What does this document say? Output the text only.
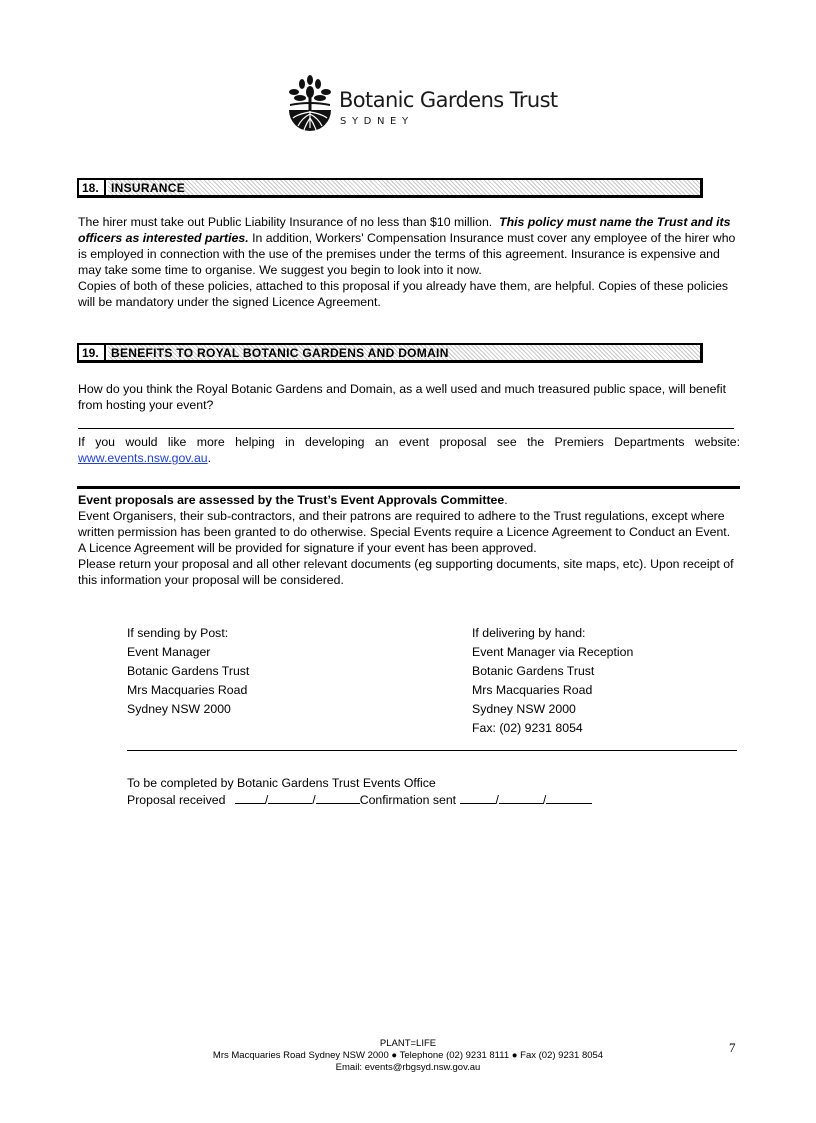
Botanic Gardens Trust
SYDNEY
18.	INSURANCE

The hirer must take out Public Liability Insurance of no less than $10 million. This policy must name the Trust and its officers as interested parties. In addition, Workers' Compensation Insurance must cover any employee of the hirer who is employed in connection with the use of the premises under the terms of this agreement. Insurance is expensive and may take some time to organise. We suggest you begin to look into it now.

Copies of both of these policies, attached to this proposal if you already have them, are helpful. Copies of these policies will be mandatory under the signed Licence Agreement.

19.	BENEFITS TO ROYAL BOTANIC GARDENS AND DOMAIN
How do you think the Royal Botanic Gardens and Domain, as a well used and much treasured public space, will benefit from hosting your event?

If you would like more helping in developing an event proposal see the Premiers Departments website:

www.events.nsw.gov.au.

Event proposals are assessed by the Trust’s Event Approvals Committee.

Event Organisers, their sub-contractors, and their patrons are required to adhere to the Trust regulations, except where written permission has been granted to do otherwise. Special Events require a Licence Agreement to Conduct an Event. A Licence Agreement will be provided for signature if your event has been approved.

Please return your proposal and all other relevant documents (eg supporting documents, site maps, etc). Upon receipt of this information your proposal will be considered.

If sending by Post:
Event Manager
Botanic Gardens Trust
Mrs Macquaries Road
Sydney NSW 2000
If delivering by hand:
Event Manager via Reception
Botanic Gardens Trust
Mrs Macquaries Road
Sydney NSW 2000
Fax: (02) 9231 8054
To be completed by Botanic Gardens Trust Events Office
Proposal received	/	/	Confirmation sent	/	/
PLANT=LIFE
Mrs Macquaries Road Sydney NSW 2000 ● Telephone (02) 9231 8111 ● Fax (02) 9231 8054
Email: events@rbgsyd.nsw.gov.au
7
